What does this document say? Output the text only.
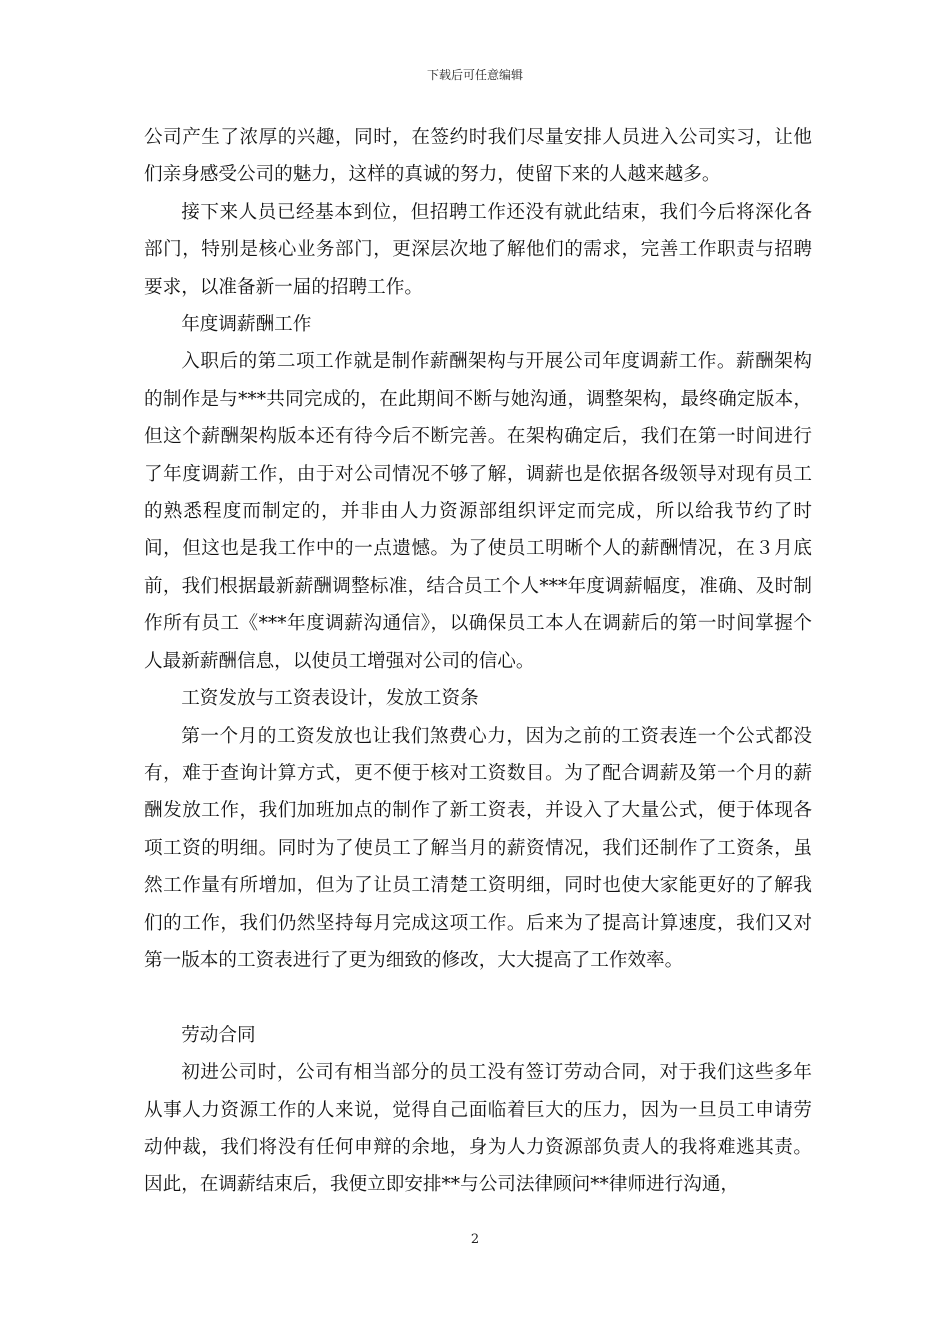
下载后可任意编辑

公司产生了浓厚的兴趣，同时，在签约时我们尽量安排人员进入公司实习，让他们亲身感受公司的魅力，这样的真诚的努力，使留下来的人越来越多。

接下来人员已经基本到位，但招聘工作还没有就此结束，我们今后将深化各部门，特别是核心业务部门，更深层次地了解他们的需求，完善工作职责与招聘要求，以准备新一届的招聘工作。

年度调薪酬工作

入职后的第二项工作就是制作薪酬架构与开展公司年度调薪工作。薪酬架构的制作是与***共同完成的，在此期间不断与她沟通，调整架构，最终确定版本，但这个薪酬架构版本还有待今后不断完善。在架构确定后，我们在第一时间进行了年度调薪工作，由于对公司情况不够了解，调薪也是依据各级领导对现有员工的熟悉程度而制定的，并非由人力资源部组织评定而完成，所以给我节约了时间，但这也是我工作中的一点遗憾。为了使员工明晰个人的薪酬情况，在３月底前，我们根据最新薪酬调整标准，结合员工个人***年度调薪幅度，准确、及时制作所有员工《***年度调薪沟通信》，以确保员工本人在调薪后的第一时间掌握个人最新薪酬信息，以使员工增强对公司的信心。

工资发放与工资表设计，发放工资条

第一个月的工资发放也让我们煞费心力，因为之前的工资表连一个公式都没有，难于查询计算方式，更不便于核对工资数目。为了配合调薪及第一个月的薪酬发放工作，我们加班加点的制作了新工资表，并设入了大量公式，便于体现各项工资的明细。同时为了使员工了解当月的薪资情况，我们还制作了工资条，虽然工作量有所增加，但为了让员工清楚工资明细，同时也使大家能更好的了解我们的工作，我们仍然坚持每月完成这项工作。后来为了提高计算速度，我们又对第一版本的工资表进行了更为细致的修改，大大提高了工作效率。

劳动合同

初进公司时，公司有相当部分的员工没有签订劳动合同，对于我们这些多年从事人力资源工作的人来说，觉得自己面临着巨大的压力，因为一旦员工申请劳动仲裁，我们将没有任何申辩的余地，身为人力资源部负责人的我将难逃其责。因此，在调薪结束后，我便立即安排**与公司法律顾问**律师进行沟通，

2
